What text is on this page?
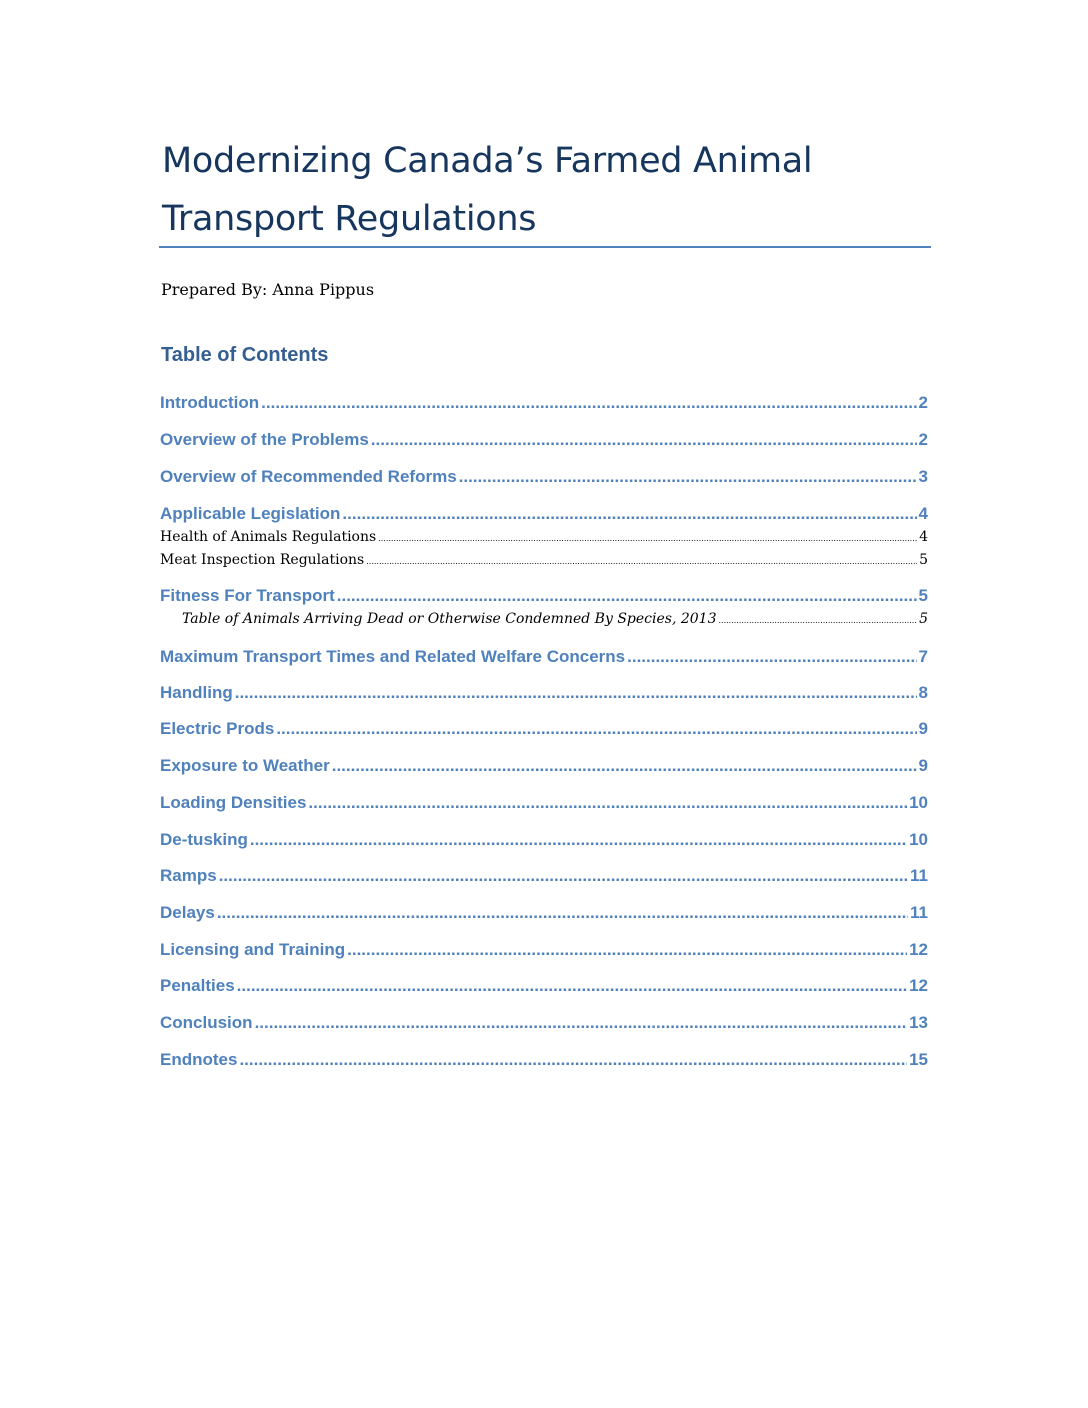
Modernizing Canada’s Farmed Animal Transport Regulations
Prepared By: Anna Pippus
Table of Contents
Introduction .....	2
Overview of the Problems .....	2
Overview of Recommended Reforms .....	3
Applicable Legislation .....	4
Health of Animals Regulations .....	4
Meat Inspection Regulations .....	5
Fitness For Transport .....	5
Table of Animals Arriving Dead or Otherwise Condemned By Species, 2013 .....	5
Maximum Transport Times and Related Welfare Concerns .....	7
Handling .....	8
Electric Prods .....	9
Exposure to Weather .....	9
Loading Densities .....	10
De-tusking .....	10
Ramps .....	11
Delays .....	11
Licensing and Training .....	12
Penalties .....	12
Conclusion .....	13
Endnotes .....	15
